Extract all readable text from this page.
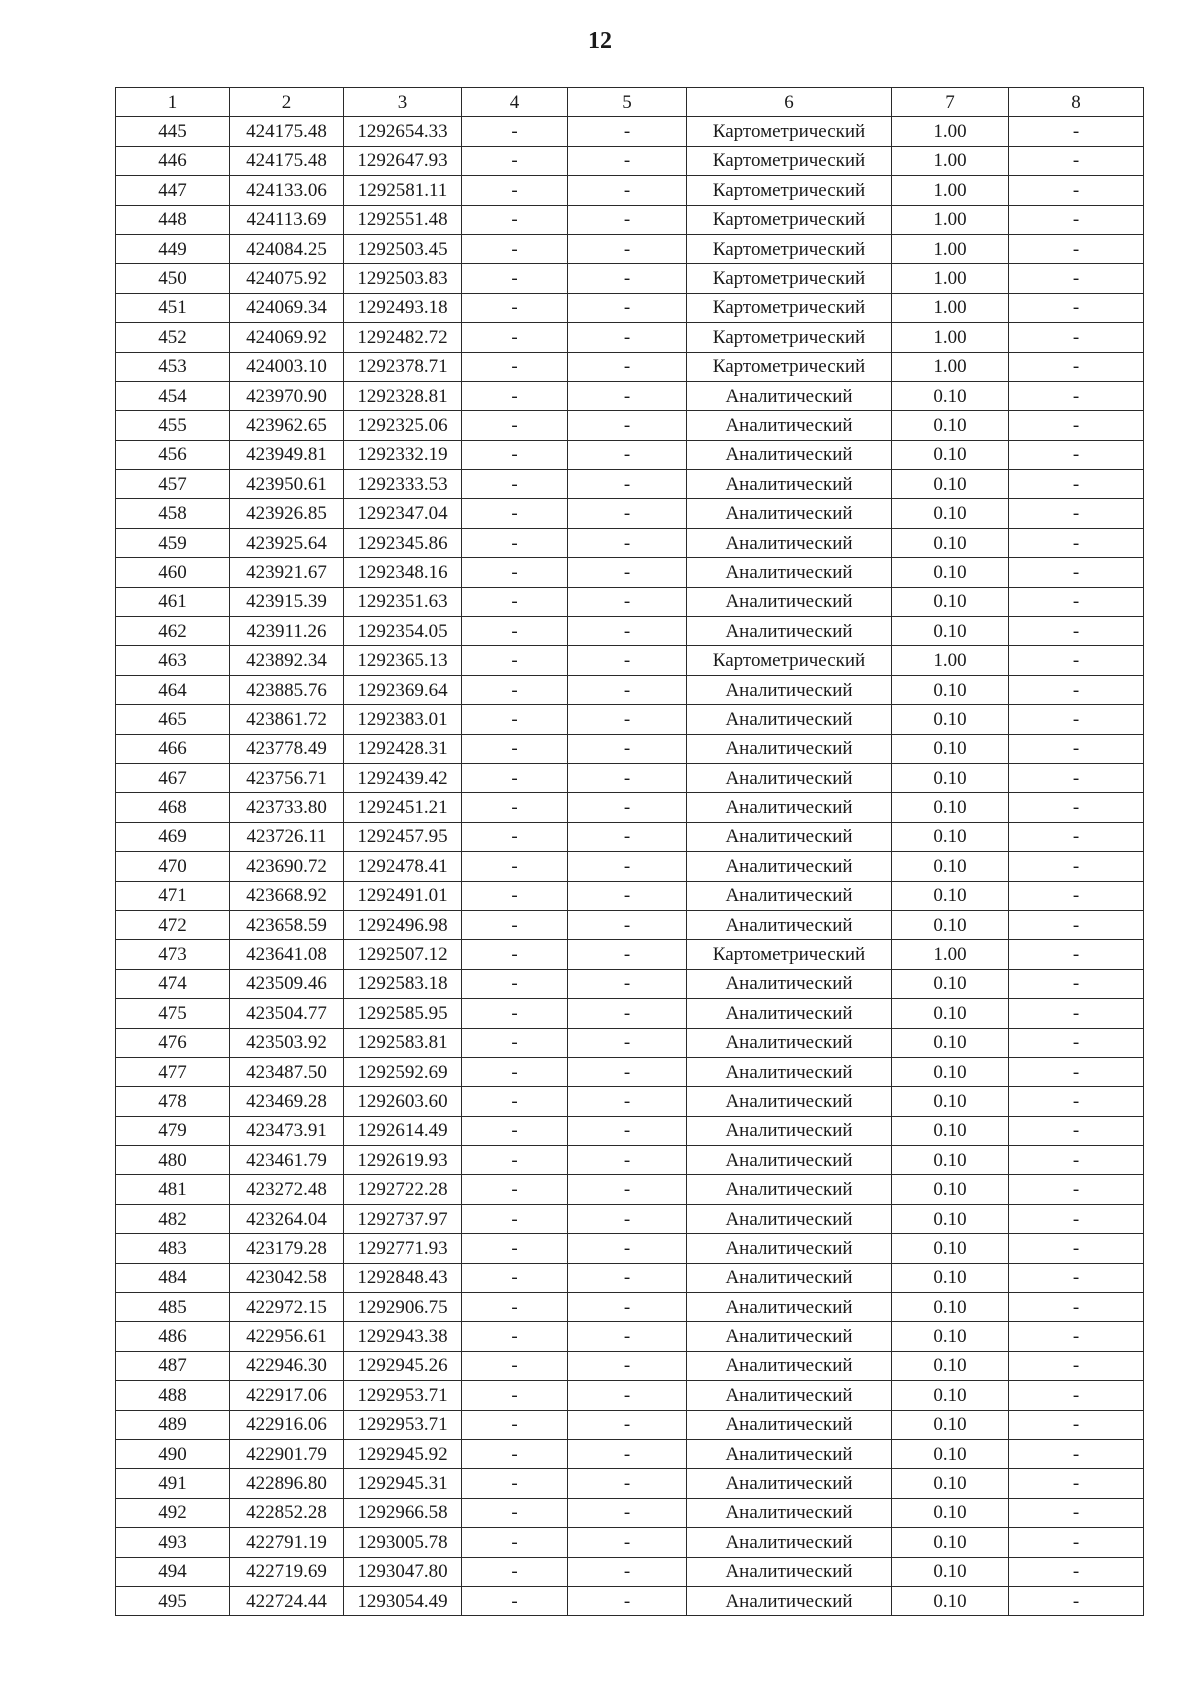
12
1	2	3	4	5	6	7	8
445	424175.48	1292654.33	-	-	Картометрический	1.00	-
446	424175.48	1292647.93	-	-	Картометрический	1.00	-
447	424133.06	1292581.11	-	-	Картометрический	1.00	-
448	424113.69	1292551.48	-	-	Картометрический	1.00	-
449	424084.25	1292503.45	-	-	Картометрический	1.00	-
450	424075.92	1292503.83	-	-	Картометрический	1.00	-
451	424069.34	1292493.18	-	-	Картометрический	1.00	-
452	424069.92	1292482.72	-	-	Картометрический	1.00	-
453	424003.10	1292378.71	-	-	Картометрический	1.00	-
454	423970.90	1292328.81	-	-	Аналитический	0.10	-
455	423962.65	1292325.06	-	-	Аналитический	0.10	-
456	423949.81	1292332.19	-	-	Аналитический	0.10	-
457	423950.61	1292333.53	-	-	Аналитический	0.10	-
458	423926.85	1292347.04	-	-	Аналитический	0.10	-
459	423925.64	1292345.86	-	-	Аналитический	0.10	-
460	423921.67	1292348.16	-	-	Аналитический	0.10	-
461	423915.39	1292351.63	-	-	Аналитический	0.10	-
462	423911.26	1292354.05	-	-	Аналитический	0.10	-
463	423892.34	1292365.13	-	-	Картометрический	1.00	-
464	423885.76	1292369.64	-	-	Аналитический	0.10	-
465	423861.72	1292383.01	-	-	Аналитический	0.10	-
466	423778.49	1292428.31	-	-	Аналитический	0.10	-
467	423756.71	1292439.42	-	-	Аналитический	0.10	-
468	423733.80	1292451.21	-	-	Аналитический	0.10	-
469	423726.11	1292457.95	-	-	Аналитический	0.10	-
470	423690.72	1292478.41	-	-	Аналитический	0.10	-
471	423668.92	1292491.01	-	-	Аналитический	0.10	-
472	423658.59	1292496.98	-	-	Аналитический	0.10	-
473	423641.08	1292507.12	-	-	Картометрический	1.00	-
474	423509.46	1292583.18	-	-	Аналитический	0.10	-
475	423504.77	1292585.95	-	-	Аналитический	0.10	-
476	423503.92	1292583.81	-	-	Аналитический	0.10	-
477	423487.50	1292592.69	-	-	Аналитический	0.10	-
478	423469.28	1292603.60	-	-	Аналитический	0.10	-
479	423473.91	1292614.49	-	-	Аналитический	0.10	-
480	423461.79	1292619.93	-	-	Аналитический	0.10	-
481	423272.48	1292722.28	-	-	Аналитический	0.10	-
482	423264.04	1292737.97	-	-	Аналитический	0.10	-
483	423179.28	1292771.93	-	-	Аналитический	0.10	-
484	423042.58	1292848.43	-	-	Аналитический	0.10	-
485	422972.15	1292906.75	-	-	Аналитический	0.10	-
486	422956.61	1292943.38	-	-	Аналитический	0.10	-
487	422946.30	1292945.26	-	-	Аналитический	0.10	-
488	422917.06	1292953.71	-	-	Аналитический	0.10	-
489	422916.06	1292953.71	-	-	Аналитический	0.10	-
490	422901.79	1292945.92	-	-	Аналитический	0.10	-
491	422896.80	1292945.31	-	-	Аналитический	0.10	-
492	422852.28	1292966.58	-	-	Аналитический	0.10	-
493	422791.19	1293005.78	-	-	Аналитический	0.10	-
494	422719.69	1293047.80	-	-	Аналитический	0.10	-
495	422724.44	1293054.49	-	-	Аналитический	0.10	-
